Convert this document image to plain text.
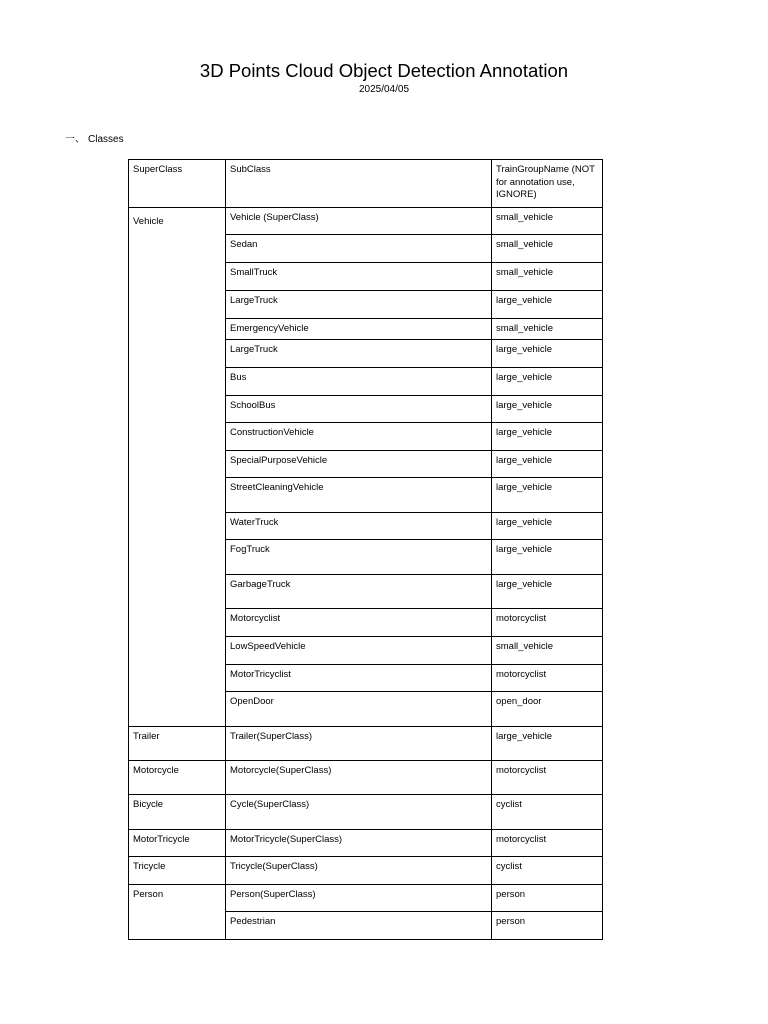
3D Points Cloud Object Detection Annotation
2025/04/05
一、 Classes
SuperClass	SubClass	TrainGroupName (NOT for annotation use, IGNORE)
Vehicle	Vehicle (SuperClass)	small_vehicle
	Sedan	small_vehicle
	SmallTruck	small_vehicle
	LargeTruck	large_vehicle
	EmergencyVehicle	small_vehicle
	LargeTruck	large_vehicle
	Bus	large_vehicle
	SchoolBus	large_vehicle
	ConstructionVehicle	large_vehicle
	SpecialPurposeVehicle	large_vehicle
	StreetCleaningVehicle	large_vehicle
	WaterTruck	large_vehicle
	FogTruck	large_vehicle
	GarbageTruck	large_vehicle
	Motorcyclist	motorcyclist
	LowSpeedVehicle	small_vehicle
	MotorTricyclist	motorcyclist
	OpenDoor	open_door
Trailer	Trailer(SuperClass)	large_vehicle
Motorcycle	Motorcycle(SuperClass)	motorcyclist
Bicycle	Cycle(SuperClass)	cyclist
MotorTricycle	MotorTricycle(SuperClass)	motorcyclist
Tricycle	Tricycle(SuperClass)	cyclist
Person	Person(SuperClass)	person
	Pedestrian	person
